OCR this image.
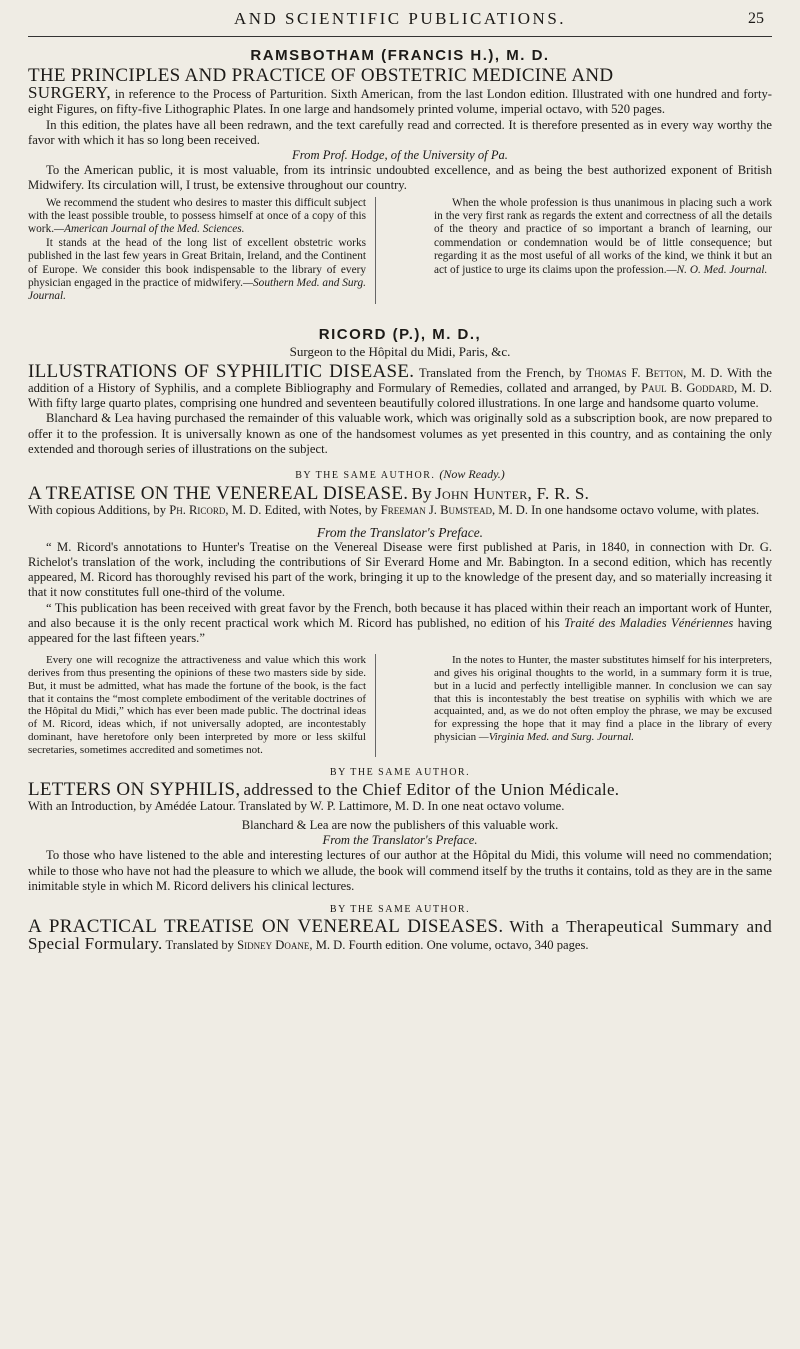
AND SCIENTIFIC PUBLICATIONS.	25
RAMSBOTHAM (FRANCIS H.), M. D.

THE PRINCIPLES AND PRACTICE OF OBSTETRIC MEDICINE AND

SURGERY, in reference to the Process of Parturition. Sixth American, from the last London edition. Illustrated with one hundred and forty-eight Figures, on fifty-five Lithographic Plates. In one large and handsomely printed volume, imperial octavo, with 520 pages.

In this edition, the plates have all been redrawn, and the text carefully read and corrected. It is therefore presented as in every way worthy the favor with which it has so long been received.

From Prof. Hodge, of the University of Pa.

To the American public, it is most valuable, from its intrinsic undoubted excellence, and as being the best authorized exponent of British Midwifery. Its circulation will, I trust, be extensive throughout our country.

We recommend the student who desires to master this difficult subject with the least possible trouble, to possess himself at once of a copy of this work.—American Journal of the Med. Sciences.

It stands at the head of the long list of excellent obstetric works published in the last few years in Great Britain, Ireland, and the Continent of Europe. We consider this book indispensable to the library of every physician engaged in the practice of midwifery.—Southern Med. and Surg. Journal.

When the whole profession is thus unanimous in placing such a work in the very first rank as regards the extent and correctness of all the details of the theory and practice of so important a branch of learning, our commendation or condemnation would be of little consequence; but regarding it as the most useful of all works of the kind, we think it but an act of justice to urge its claims upon the profession.—N. O. Med. Journal.

RICORD (P.), M. D.,
Surgeon to the Hôpital du Midi, Paris, &c.

ILLUSTRATIONS OF SYPHILITIC DISEASE. Translated from the French, by Thomas F. Betton, M. D. With the addition of a History of Syphilis, and a complete Bibliography and Formulary of Remedies, collated and arranged, by Paul B. Goddard, M. D. With fifty large quarto plates, comprising one hundred and seventeen beautifully colored illustrations. In one large and handsome quarto volume.

Blanchard & Lea having purchased the remainder of this valuable work, which was originally sold as a subscription book, are now prepared to offer it to the profession. It is universally known as one of the handsomest volumes as yet presented in this country, and as containing the only extended and thorough series of illustrations on the subject.

BY THE SAME AUTHOR. (Now Ready.)

A TREATISE ON THE VENEREAL DISEASE. By John Hunter, F. R. S.

With copious Additions, by Ph. Ricord, M. D. Edited, with Notes, by Freeman J. Bumstead, M. D. In one handsome octavo volume, with plates.

From the Translator's Preface.

“ M. Ricord's annotations to Hunter's Treatise on the Venereal Disease were first published at Paris, in 1840, in connection with Dr. G. Richelot's translation of the work, including the contributions of Sir Everard Home and Mr. Babington. In a second edition, which has recently appeared, M. Ricord has thoroughly revised his part of the work, bringing it up to the knowledge of the present day, and so materially increasing it that it now constitutes full one-third of the volume.

“ This publication has been received with great favor by the French, both because it has placed within their reach an important work of Hunter, and also because it is the only recent practical work which M. Ricord has published, no edition of his Traité des Maladies Vénériennes having appeared for the last fifteen years.”

Every one will recognize the attractiveness and value which this work derives from thus presenting the opinions of these two masters side by side. But, it must be admitted, what has made the fortune of the book, is the fact that it contains the “most complete embodiment of the veritable doctrines of the Hôpital du Midi,” which has ever been made public. The doctrinal ideas of M. Ricord, ideas which, if not universally adopted, are incontestably dominant, have heretofore only been interpreted by more or less skilful secretaries, sometimes accredited and sometimes not.

In the notes to Hunter, the master substitutes himself for his interpreters, and gives his original thoughts to the world, in a summary form it is true, but in a lucid and perfectly intelligible manner. In conclusion we can say that this is incontestably the best treatise on syphilis with which we are acquainted, and, as we do not often employ the phrase, we may be excused for expressing the hope that it may find a place in the library of every physician —Virginia Med. and Surg. Journal.

BY THE SAME AUTHOR.

LETTERS ON SYPHILIS, addressed to the Chief Editor of the Union Médicale.

With an Introduction, by Amédée Latour. Translated by W. P. Lattimore, M. D. In one neat octavo volume.

Blanchard & Lea are now the publishers of this valuable work.

From the Translator's Preface.

To those who have listened to the able and interesting lectures of our author at the Hôpital du Midi, this volume will need no commendation; while to those who have not had the pleasure to which we allude, the book will commend itself by the truths it contains, told as they are in the same inimitable style in which M. Ricord delivers his clinical lectures.

BY THE SAME AUTHOR.

A PRACTICAL TREATISE ON VENEREAL DISEASES. With a Therapeutical Summary and Special Formulary. Translated by Sidney Doane, M. D. Fourth edition. One volume, octavo, 340 pages.
